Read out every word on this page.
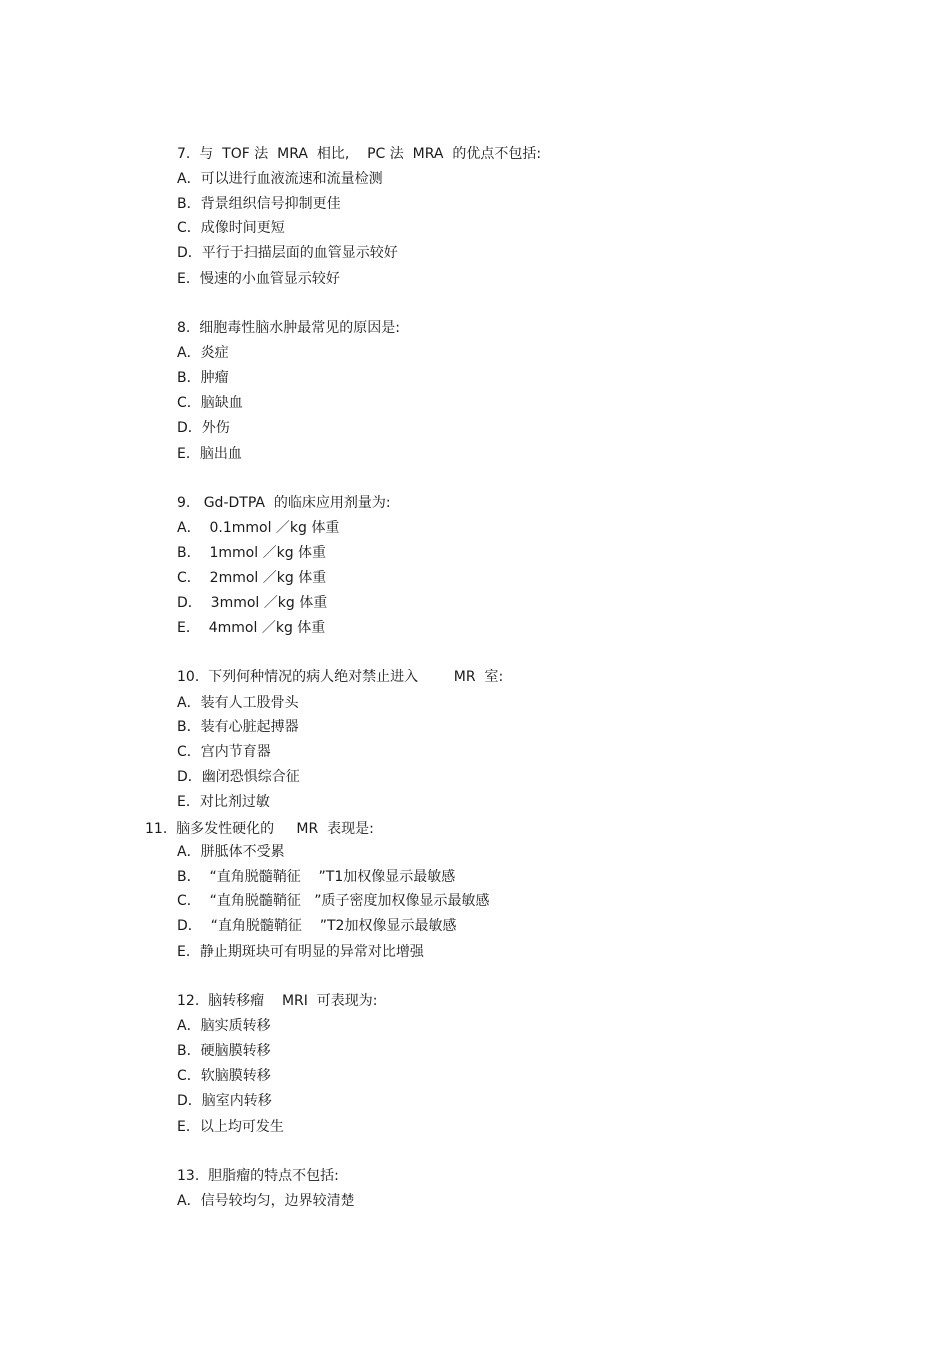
7.  与  TOF 法  MRA  相比,    PC 法  MRA  的优点不包括:
A．可以进行血液流速和流量检测
B．背景组织信号抑制更佳
C．成像时间更短
D．平行于扫描层面的血管显示较好
E．慢速的小血管显示较好
8.  细胞毒性脑水肿最常见的原因是:
A．炎症
B．肿瘤
C．脑缺血
D．外伤
E．脑出血
9.   Gd-DTPA  的临床应用剂量为:
A．  0.1mmol ／kg 体重
B．  1mmol ／kg 体重
C．  2mmol ／kg 体重
D．  3mmol ／kg 体重
E．  4mmol ／kg 体重
10.  下列何种情况的病人绝对禁止进入        MR  室:
A．装有人工股骨头
B．装有心脏起搏器
C．宫内节育器
D．幽闭恐惧综合征
E．对比剂过敏
11.  脑多发性硬化的     MR  表现是:
A．胼胝体不受累
B．  “直角脱髓鞘征    ”T1加权像显示最敏感
C．  “直角脱髓鞘征   ”质子密度加权像显示最敏感
D．  “直角脱髓鞘征    ”T2加权像显示最敏感
E．静止期斑块可有明显的异常对比增强
12.  脑转移瘤    MRI  可表现为:
A．脑实质转移
B．硬脑膜转移
C．软脑膜转移
D．脑室内转移
E．以上均可发生
13.  胆脂瘤的特点不包括:
A．信号较均匀，边界较清楚
